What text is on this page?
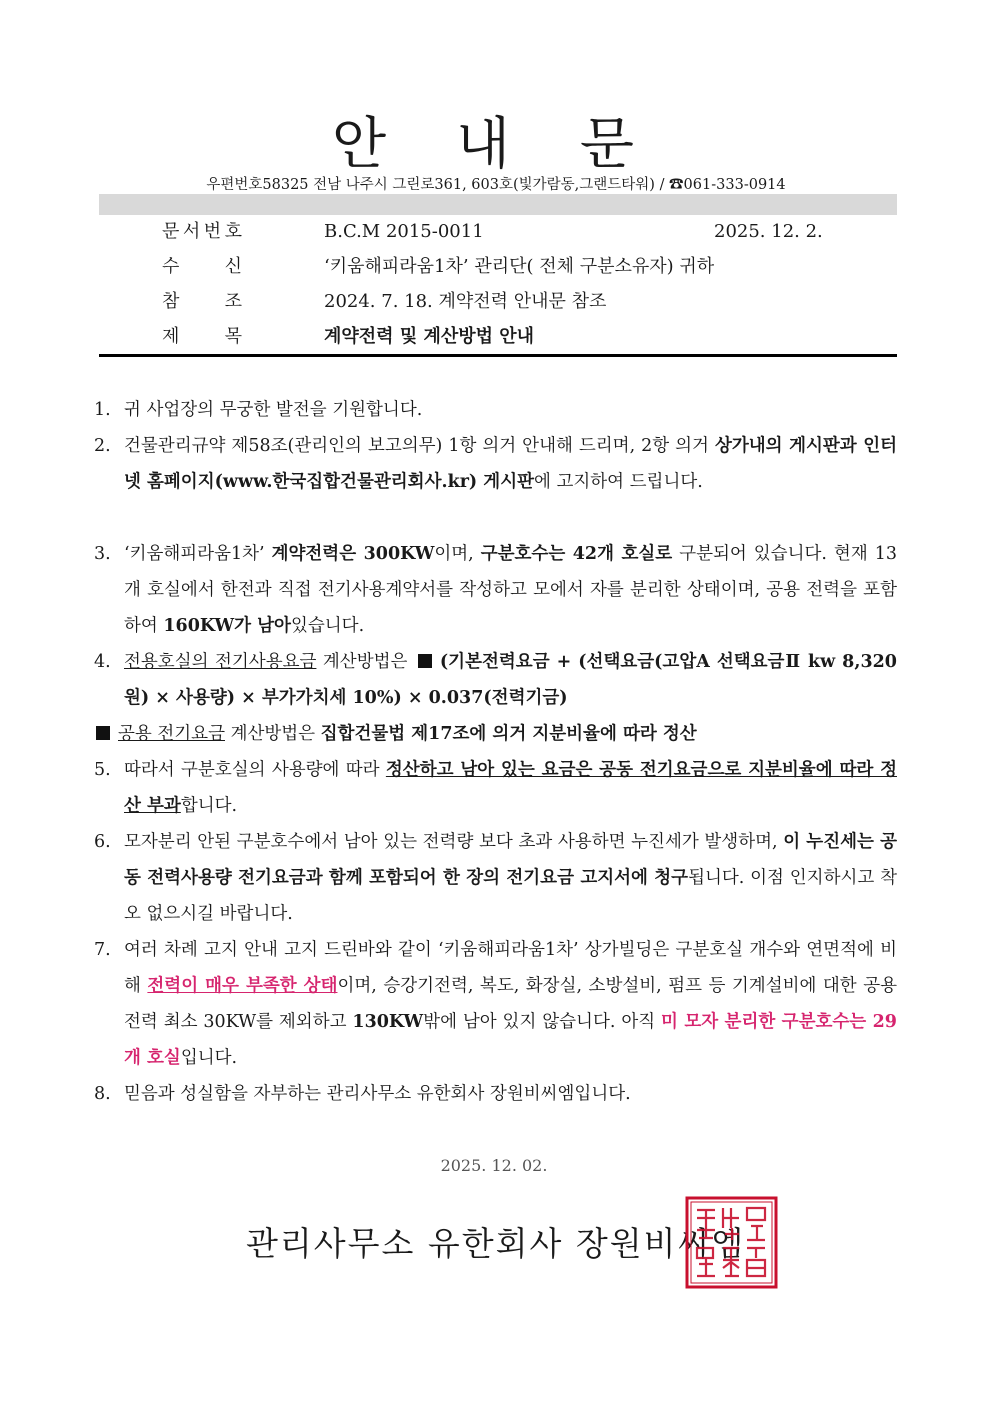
안 내 문
우편번호58325 전남 나주시 그린로361, 603호(빛가람동,그랜드타워) / ☎061-333-0914
문 서 번 호	B.C.M 2015-0011	2025. 12. 2.
수	신	‘키움해피라움1차’ 관리단( 전체 구분소유자) 귀하
참	조	2024. 7. 18. 계약전력 안내문 참조
제	목	계약전력 및 계산방법 안내
1. 귀 사업장의 무궁한 발전을 기원합니다.
2. 건물관리규약 제58조(관리인의 보고의무) 1항 의거 안내해 드리며, 2항 의거 상가내의 게시판과 인터넷 홈페이지(www.한국집합건물관리회사.kr) 게시판에 고지하여 드립니다.
3. ‘키움해피라움1차’ 계약전력은 300KW이며, 구분호수는 42개 호실로 구분되어 있습니다. 현재 13개 호실에서 한전과 직접 전기사용계약서를 작성하고 모에서 자를 분리한 상태이며, 공용 전력을 포함하여 160KW가 남아있습니다.
4. 전용호실의 전기사용요금 계산방법은 (기본전력요금 + (선택요금(고압A 선택요금Ⅱ kw 8,320원) × 사용량) × 부가가치세 10%) × 0.037(전력기금)
공용 전기요금 계산방법은 집합건물법 제17조에 의거 지분비율에 따라 정산
5. 따라서 구분호실의 사용량에 따라 정산하고 남아 있는 요금은 공동 전기요금으로 지분비율에 따라 정산 부과합니다.
6. 모자분리 안된 구분호수에서 남아 있는 전력량 보다 초과 사용하면 누진세가 발생하며, 이 누진세는 공동 전력사용량 전기요금과 함께 포함되어 한 장의 전기요금 고지서에 청구됩니다. 이점 인지하시고 착오 없으시길 바랍니다.
7. 여러 차례 고지 안내 고지 드린바와 같이 ‘키움해피라움1차’ 상가빌딩은 구분호실 개수와 연면적에 비해 전력이 매우 부족한 상태이며, 승강기전력, 복도, 화장실, 소방설비, 펌프 등 기계설비에 대한 공용전력 최소 30KW를 제외하고 130KW밖에 남아 있지 않습니다. 아직 미 모자 분리한 구분호수는 29개 호실입니다.
8. 믿음과 성실함을 자부하는 관리사무소 유한회사 장원비씨엠입니다.
2025. 12. 02.
관리사무소 유한회사 장원비씨엠
